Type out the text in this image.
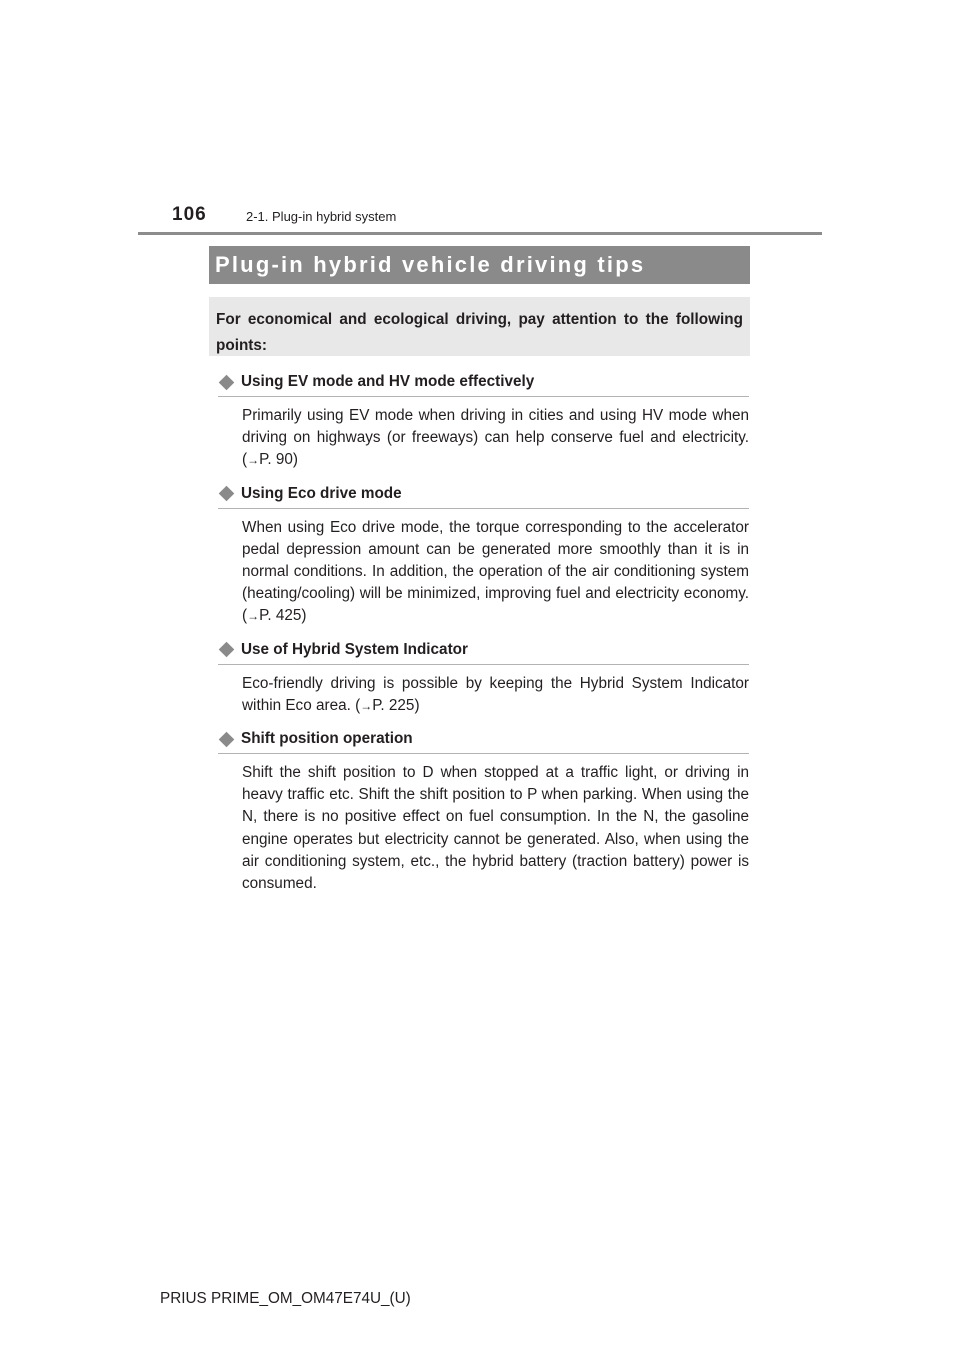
106	2-1. Plug-in hybrid system
Plug-in hybrid vehicle driving tips
For economical and ecological driving, pay attention to the following points:
Using EV mode and HV mode effectively
Primarily using EV mode when driving in cities and using HV mode when driving on highways (or freeways) can help conserve fuel and electricity. (→P. 90)
Using Eco drive mode
When using Eco drive mode, the torque corresponding to the accelerator pedal depression amount can be generated more smoothly than it is in normal conditions. In addition, the operation of the air conditioning system (heating/cooling) will be minimized, improving fuel and electricity economy. (→P. 425)
Use of Hybrid System Indicator
Eco-friendly driving is possible by keeping the Hybrid System Indicator within Eco area. (→P. 225)
Shift position operation
Shift the shift position to D when stopped at a traffic light, or driving in heavy traffic etc. Shift the shift position to P when parking. When using the N, there is no positive effect on fuel consumption. In the N, the gasoline engine operates but electricity cannot be generated. Also, when using the air conditioning system, etc., the hybrid battery (traction battery) power is consumed.
PRIUS PRIME_OM_OM47E74U_(U)
